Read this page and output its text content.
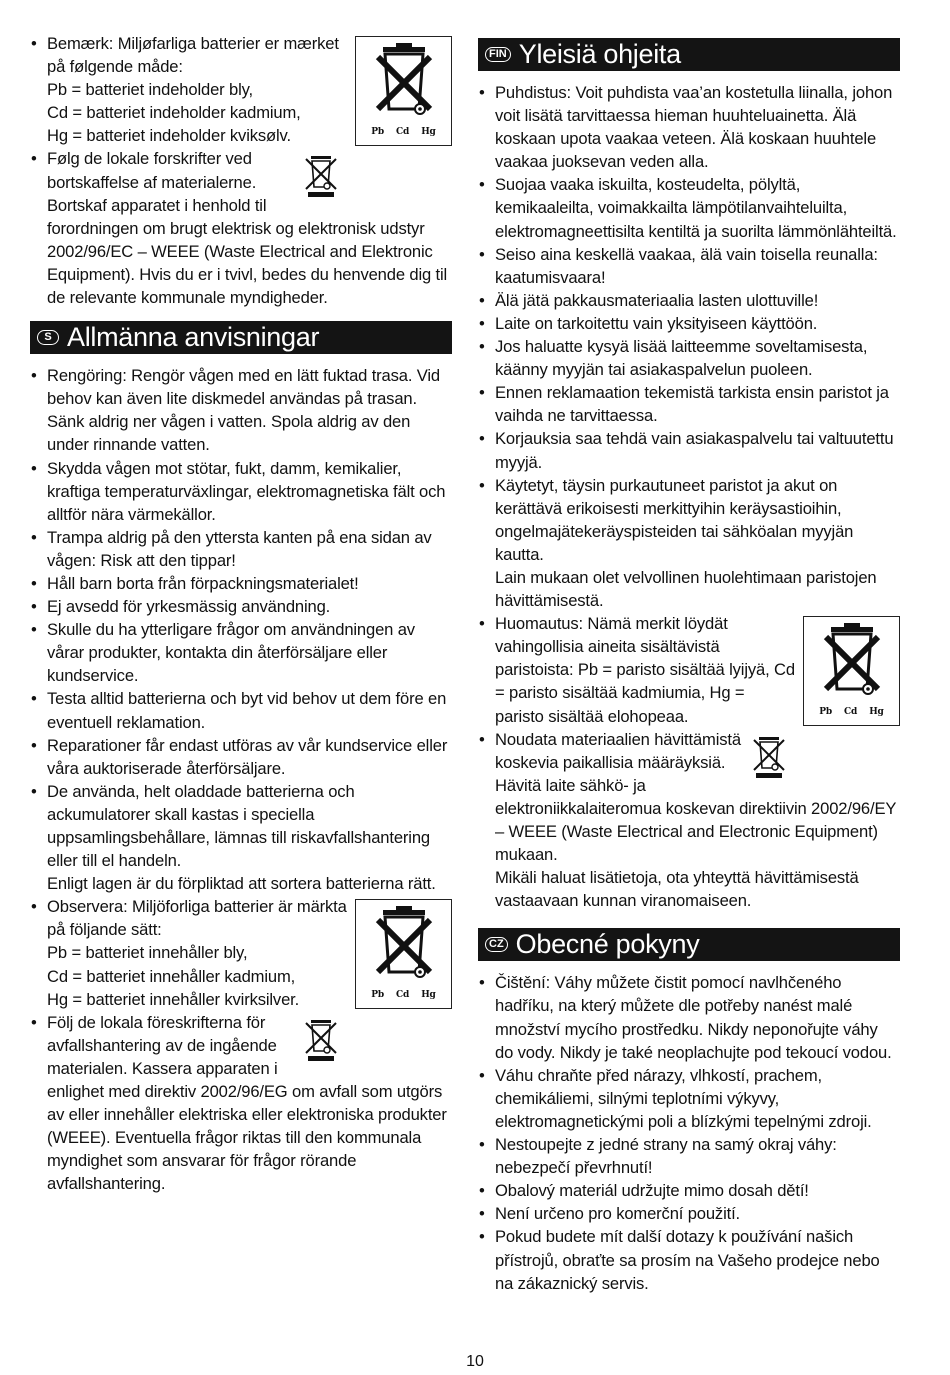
• Pb Cd Hg
Bemærk: Miljøfarliga batterier er mærket på følgende måde:
Pb = batteriet indeholder bly,
Cd = batteriet indeholder kadmium,
Hg = batteriet indeholder kviksølv.
• Følg de lokale forskrifter ved bortskaffelse af materialerne. Bortskaf apparatet i henhold til forordningen om brugt elektrisk og elektronisk udstyr 2002/96/EC – WEEE (Waste Electrical and Elektronic Equipment). Hvis du er i tvivl, bedes du henvende dig til de relevante kommunale myndigheder.
S Allmänna anvisningar
• Rengöring: Rengör vågen med en lätt fuktad trasa. Vid behov kan även lite diskmedel användas på trasan. Sänk aldrig ner vågen i vatten. Spola aldrig av den under rinnande vatten.
• Skydda vågen mot stötar, fukt, damm, kemikalier, kraftiga temperaturväxlingar, elektromagnetiska fält och alltför nära värmekällor.
• Trampa aldrig på den yttersta kanten på ena sidan av vågen: Risk att den tippar!
• Håll barn borta från förpackningsmaterialet!
• Ej avsedd för yrkesmässig användning.
• Skulle du ha ytterligare frågor om användningen av vårar produkter, kontakta din återförsäljare eller kundservice.
• Testa alltid batterierna och byt vid behov ut dem före en eventuell reklamation.
• Reparationer får endast utföras av vår kundservice eller våra auktoriserade återförsäljare.
• De använda, helt oladdade batterierna och ackumulatorer skall kastas i speciella uppsamlingsbehållare, lämnas till riskavfallshantering eller till el handeln.
Enligt lagen är du förpliktad att sortera batterierna rätt.
• Pb Cd Hg
Observera: Miljöforliga batterier är märkta på följande sätt:
Pb = batteriet innehåller bly,
Cd = batteriet innehåller kadmium,
Hg = batteriet innehåller kvirksilver.
• Följ de lokala föreskrifterna för avfallshantering av de ingående materialen. Kassera apparaten i enlighet med direktiv 2002/96/EG om avfall som utgörs av eller innehåller elektriska eller elektroniska produkter (WEEE). Eventuella frågor riktas till den kommunala myndighet som ansvarar för frågor rörande avfallshantering.
FIN Yleisiä ohjeita
• Puhdistus: Voit puhdista vaa’an kostetulla liinalla, johon voit lisätä tarvittaessa hieman huuhteluainetta. Älä koskaan upota vaakaa veteen. Älä koskaan huuhtele vaakaa juoksevan veden alla.
• Suojaa vaaka iskuilta, kosteudelta, pölyltä, kemikaaleilta, voimakkailta lämpötilanvaihteluilta, elektromagneettisilta kentiltä ja suorilta lämmönlähteiltä.
• Seiso aina keskellä vaakaa, älä vain toisella reunalla: kaatumisvaara!
• Älä jätä pakkausmateriaalia lasten ulottuville!
• Laite on tarkoitettu vain yksityiseen käyttöön.
• Jos haluatte kysyä lisää laitteemme soveltamisesta, käänny myyjän tai asiakaspalvelun puoleen.
• Ennen reklamaation tekemistä tarkista ensin paristot ja vaihda ne tarvittaessa.
• Korjauksia saa tehdä vain asiakaspalvelu tai valtuutettu myyjä.
• Käytetyt, täysin purkautuneet paristot ja akut on kerättävä erikoisesti merkittyihin keräysastioihin, ongelmajätekeräyspisteiden tai sähköalan myyjän kautta.
Lain mukaan olet velvollinen huolehtimaan paristojen hävittämisestä.
• Pb Cd Hg
Huomautus: Nämä merkit löydät vahingollisia aineita sisältävistä paristoista: Pb = paristo sisältää lyijyä, Cd = paristo sisältää kadmiumia, Hg = paristo sisältää elohopeaa.
• Noudata materiaalien hävittämistä koskevia paikallisia määräyksiä. Hävitä laite sähkö- ja elektroniikkalaiteromua koskevan direktiivin 2002/96/EY – WEEE (Waste Electrical and Electronic Equipment) mukaan.
Mikäli haluat lisätietoja, ota yhteyttä hävittämisestä vastaavaan kunnan viranomaiseen.
CZ Obecné pokyny
• Čištění: Váhy můžete čistit pomocí navlhčeného hadříku, na který můžete dle potřeby nanést malé množství mycího prostředku. Nikdy neponořujte váhy do vody. Nikdy je také neoplachujte pod tekoucí vodou.
• Váhu chraňte před nárazy, vlhkostí, prachem, chemikáliemi, silnými teplotními výkyvy, elektromagnetickými poli a blízkými tepelnými zdroji.
• Nestoupejte z jedné strany na samý okraj váhy: nebezpečí převrhnutí!
• Obalový materiál udržujte mimo dosah dětí!
• Není určeno pro komerční použití.
• Pokud budete mít další dotazy k používání našich přístrojů, obraťte sa prosím na Vašeho prodejce nebo na zákaznický servis.
10
